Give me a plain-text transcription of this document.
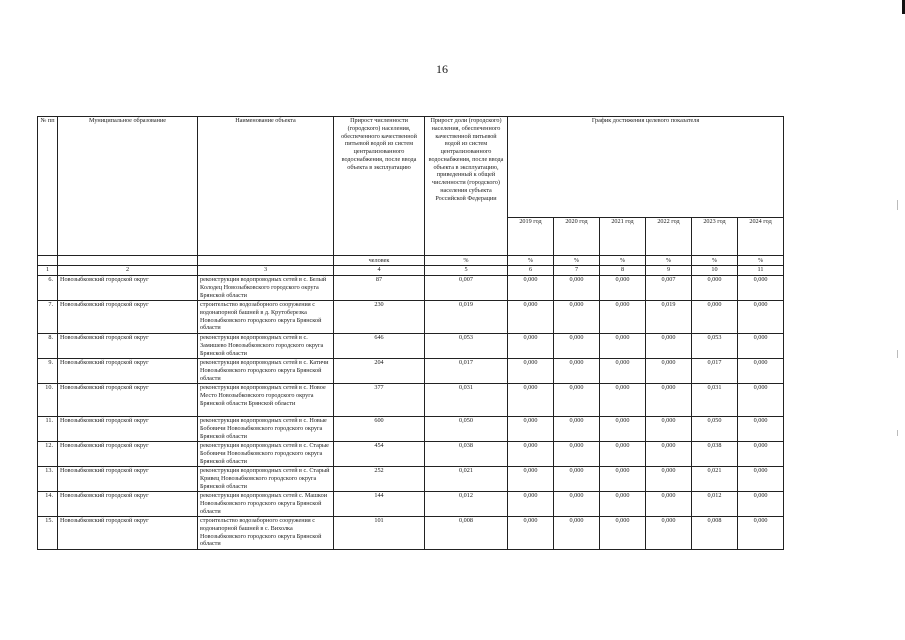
16
№ пп	Муниципальное образование	Наименование объекта	Прирост численности (городского) населения, обеспеченного качественной питьевой водой из систем централизованного водоснабжения, после ввода объекта в эксплуатацию	Прирост доли (городского) населения, обеспеченного качественной питьевой водой из систем централизованного водоснабжения, после ввода объекта в эксплуатацию, приведенный к общей численности (городского) населения субъекта Российской Федерации	График достижения целевого показателя					
					2019 год	2020 год	2021 год	2022 год	2023 год	2024 год
			человек	%	%	%	%	%	%	%
1	2	3	4	5	6	7	8	9	10	11
6.	Новозыбковский городской округ	реконструкция водопроводных сетей в с. Белый Колодец Новозыбковского городского округа Брянской области	87	0,007	0,000	0,000	0,000	0,007	0,000	0,000
7.	Новозыбковский городской округ	строительство водозаборного сооружения с водонапорной башней в д. Крутоберезка Новозыбковского городского округа Брянской области	230	0,019	0,000	0,000	0,000	0,019	0,000	0,000
8.	Новозыбковский городской округ	реконструкция водопроводных сетей в с. Замишево Новозыбковского городского округа Брянской области	646	0,053	0,000	0,000	0,000	0,000	0,053	0,000
9.	Новозыбковский городской округ	реконструкция водопроводных сетей в с. Катичи Новозыбковского городского округа Брянской области	204	0,017	0,000	0,000	0,000	0,000	0,017	0,000
10.	Новозыбковский городской округ	реконструкция водопроводных сетей в с. Новое Место Новозыбковского городского округа Брянской области Брянской области	377	0,031	0,000	0,000	0,000	0,000	0,031	0,000
11.	Новозыбковский городской округ	реконструкция водопроводных сетей в с. Новые Бобовичи Новозыбковского городского округа Брянской области	600	0,050	0,000	0,000	0,000	0,000	0,050	0,000
12.	Новозыбковский городской округ	реконструкция водопроводных сетей в с. Старые Бобовичи Новозыбковского городского округа Брянской области	454	0,038	0,000	0,000	0,000	0,000	0,038	0,000
13.	Новозыбковский городской округ	реконструкция водопроводных сетей в с. Старый Кривец Новозыбковского городского округа Брянской области	252	0,021	0,000	0,000	0,000	0,000	0,021	0,000
14.	Новозыбковский городской округ	реконструкция водопроводных сетей с. Машкои Новозыбковского городского округа Брянской области	144	0,012	0,000	0,000	0,000	0,000	0,012	0,000
15.	Новозыбковский городской округ	строительство водозаборного сооружения с водонапорной башней в с. Вихолка Новозыбковского городского округа Брянской области	101	0,008	0,000	0,000	0,000	0,000	0,008	0,000
